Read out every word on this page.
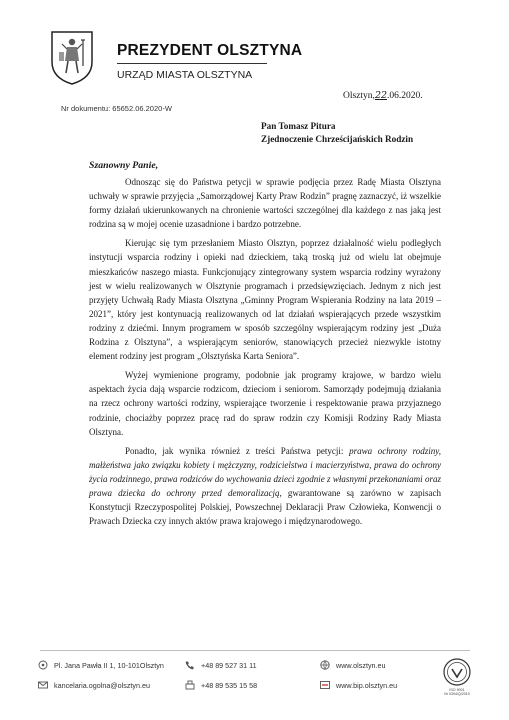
PREZYDENT OLSZTYNA
URZĄD MIASTA OLSZTYNA
Nr dokumentu: 65652.06.2020-W
Olsztyn,22.06.2020.
Pan Tomasz Pitura
Zjednoczenie Chrześcijańskich Rodzin
Szanowny Panie,

Odnosząc się do Państwa petycji w sprawie podjęcia przez Radę Miasta Olsztyna uchwały w sprawie przyjęcia „Samorządowej Karty Praw Rodzin” pragnę zaznaczyć, iż wszelkie formy działań ukierunkowanych na chronienie wartości szczególnej dla każdego z nas jaką jest rodzina są w mojej ocenie uzasadnione i bardzo potrzebne.

Kierując się tym przesłaniem Miasto Olsztyn, poprzez działalność wielu podległych instytucji wsparcia rodziny i opieki nad dzieckiem, taką troską już od wielu lat obejmuje mieszkańców naszego miasta. Funkcjonujący zintegrowany system wsparcia rodziny wyrażony jest w wielu realizowanych w Olsztynie programach i przedsięwzięciach. Jednym z nich jest przyjęty Uchwałą Rady Miasta Olsztyna „Gminny Program Wspierania Rodziny na lata 2019 – 2021”, który jest kontynuacją realizowanych od lat działań wspierających przede wszystkim rodziny z dziećmi. Innym programem w sposób szczególny wspierającym rodziny jest „Duża Rodzina z Olsztyna”, a wspierającym seniorów, stanowiących przecież niezwykle istotny element rodziny jest program „Olsztyńska Karta Seniora”.

Wyżej wymienione programy, podobnie jak programy krajowe, w bardzo wielu aspektach życia dają wsparcie rodzicom, dzieciom i seniorom. Samorządy podejmują działania na rzecz ochrony wartości rodziny, wspierające tworzenie i respektowanie prawa przyjaznego rodzinie, chociażby poprzez pracę rad do spraw rodzin czy Komisji Rodziny Rady Miasta Olsztyna.

Ponadto, jak wynika również z treści Państwa petycji: prawa ochrony rodziny, małżeństwa jako związku kobiety i mężczyzny, rodzicielstwa i macierzyństwa, prawa do ochrony życia rodzinnego, prawa rodziców do wychowania dzieci zgodnie z własnymi przekonaniami oraz prawa dziecka do ochrony przed demoralizacją, gwarantowane są zarówno w zapisach Konstytucji Rzeczypospolitej Polskiej, Powszechnej Deklaracji Praw Człowieka, Konwencji o Prawach Dziecka czy innych aktów prawa krajowego i międzynarodowego.

Pl. Jana Pawła II 1, 10-101Olsztyn
kancelaria.ogolna@olsztyn.eu
+48 89 527 31 11
+48 89 535 15 58
www.olsztyn.eu
www.bip.olsztyn.eu
ISO 9001
Nr 0394/Q/2010
